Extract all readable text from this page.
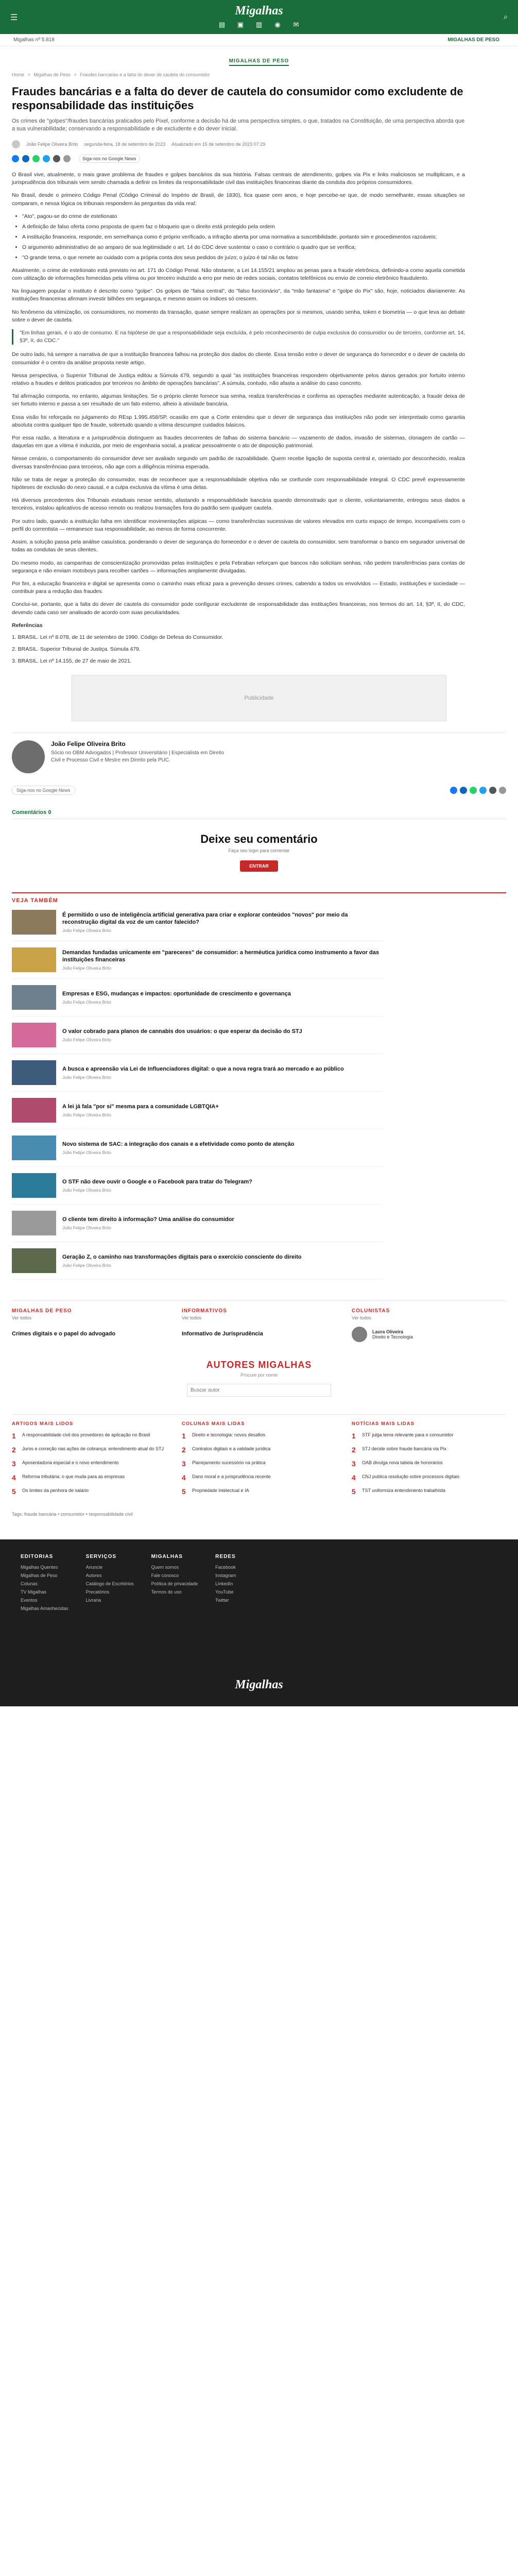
☰
Migalhas
▤ ▣ ▥ ◉ ✉
⌕
Migalhas nº 5.818	MIGALHAS DE PESO
MIGALHAS DE PESO
Home > Migalhas de Peso > Fraudes bancárias e a falta do dever de cautela do consumidor
Fraudes bancárias e a falta do dever de cautela do consumidor como excludente de responsabilidade das instituições

Os crimes de "golpes"/fraudes bancárias praticados pelo Pixel, conforme a decisão há de uma perspectiva simples, o que, tratados na Constituição, de uma perspectiva aborda que a sua vulnerabilidade; conservando a responsabilidade e de excludente e do dever inicial.

João Felipe Oliveira Brito segunda-feira, 18 de setembro de 2023 Atualizado em 15 de setembro de 2023 07:29
Siga-nos no Google News

O Brasil vive, atualmente, o mais grave problema de fraudes e golpes bancários da sua história. Falsas centrais de atendimento, golpes via Pix e links maliciosos se multiplicam, e a jurisprudência dos tribunais vem sendo chamada a definir os limites da responsabilidade civil das instituições financeiras diante da conduta dos próprios consumidores.

No Brasil, desde o primeiro Código Penal (Código Criminal do Império de Brasil, de 1830), fica quase cem anos, e hoje percebe-se que, de modo semelhante, essas situações se comparam, e nessa lógica os tribunais respondem às perguntas da vida real:

• "Ato", pagou-se do crime de estelionato
• A definição de falso oferta como proposta de quem faz o bloqueio que o direito está protegido pela ordem
• A instituição financeira, responde, em semelhança como é próprio verificado, a infração aberta por uma normativa a suscetibilidade, portanto sim e procedimentos razoáveis;
• O argumento administrativo de ao amparo de sua legitimidade o art. 14 do CDC deve sustentar o caso o contrário o quadro que se verifica;
• "O grande tema, o que remete ao cuidado com a própria conta dos seus pedidos de juízo; o juízo é tal não os fatos

Atualmente, o crime de estelionato está previsto no art. 171 do Código Penal. Não obstante, a Lei 14.155/21 ampliou as penas para a fraude eletrônica, definindo-a como aquela cometida com utilização de informações fornecidas pela vítima ou por terceiro induzido a erro por meio de redes sociais, contatos telefônicos ou envio de correio eletrônico fraudulento.

Na linguagem popular o instituto é descrito como "golpe". Os golpes de "falsa central", do "falso funcionário", da "mão fantasma" e "golpe do Pix" são, hoje, noticiados diariamente. As instituições financeiras afirmam investir bilhões em segurança, e mesmo assim os índices só crescem.

No fenômeno da vitimização, os consumidores, no momento da transação, quase sempre realizam as operações por si mesmos, usando senha, token e biometria — o que leva ao debate sobre o dever de cautela.

"Em linhas gerais, é o ato de consumo. E na hipótese de que a responsabilidade seja excluída, é pelo reconhecimento de culpa exclusiva do consumidor ou de terceiro, conforme art. 14, §3º, II, do CDC."

De outro lado, há sempre a narrativa de que a instituição financeira falhou na proteção dos dados do cliente. Essa tensão entre o dever de segurança do fornecedor e o dever de cautela do consumidor é o centro da análise proposta neste artigo.

Nessa perspectiva, o Superior Tribunal de Justiça editou a Súmula 479, segundo a qual "as instituições financeiras respondem objetivamente pelos danos gerados por fortuito interno relativo a fraudes e delitos praticados por terceiros no âmbito de operações bancárias". A súmula, contudo, não afasta a análise do caso concreto.

Tal afirmação comporta, no entanto, algumas limitações. Se o próprio cliente fornece sua senha, realiza transferências e confirma as operações mediante autenticação, a fraude deixa de ser fortuito interno e passa a ser resultado de um fato externo, alheio à atividade bancária.

Essa visão foi reforçada no julgamento do REsp 1.995.458/SP, ocasião em que a Corte entendeu que o dever de segurança das instituições não pode ser interpretado como garantia absoluta contra qualquer tipo de fraude, sobretudo quando a vítima descumpre cuidados básicos.

Por essa razão, a literatura e a jurisprudência distinguem as fraudes decorrentes de falhas do sistema bancário — vazamento de dados, invasão de sistemas, clonagem de cartão — daquelas em que a vítima é induzida, por meio de engenharia social, a praticar pessoalmente o ato de disposição patrimonial.

Nesse cenário, o comportamento do consumidor deve ser avaliado segundo um padrão de razoabilidade. Quem recebe ligação de suposta central e, orientado por desconhecido, realiza diversas transferências para terceiros, não age com a diligência mínima esperada.

Não se trata de negar a proteção do consumidor, mas de reconhecer que a responsabilidade objetiva não se confunde com responsabilidade integral. O CDC prevê expressamente hipóteses de exclusão do nexo causal, e a culpa exclusiva da vítima é uma delas.

Há diversos precedentes dos Tribunais estaduais nesse sentido, afastando a responsabilidade bancária quando demonstrado que o cliente, voluntariamente, entregou seus dados a terceiros, instalou aplicativos de acesso remoto ou realizou transações fora do padrão sem qualquer cautela.

Por outro lado, quando a instituição falha em identificar movimentações atípicas — como transferências sucessivas de valores elevados em curto espaço de tempo, incompatíveis com o perfil do correntista — remanesce sua responsabilidade, ao menos de forma concorrente.

Assim, a solução passa pela análise casuística, ponderando o dever de segurança do fornecedor e o dever de cautela do consumidor, sem transformar o banco em segurador universal de todas as condutas de seus clientes.

Do mesmo modo, as campanhas de conscientização promovidas pelas instituições e pela Febraban reforçam que bancos não solicitam senhas, não pedem transferências para contas de segurança e não enviam motoboys para recolher cartões — informações amplamente divulgadas.

Por fim, a educação financeira e digital se apresenta como o caminho mais eficaz para a prevenção desses crimes, cabendo a todos os envolvidos — Estado, instituições e sociedade — contribuir para a redução das fraudes.

Conclui-se, portanto, que a falta do dever de cautela do consumidor pode configurar excludente de responsabilidade das instituições financeiras, nos termos do art. 14, §3º, II, do CDC, devendo cada caso ser analisado de acordo com suas peculiaridades.

Referências

1. BRASIL. Lei nº 8.078, de 11 de setembro de 1990. Código de Defesa do Consumidor.

2. BRASIL. Superior Tribunal de Justiça. Súmula 479.

3. BRASIL. Lei nº 14.155, de 27 de maio de 2021.

Publicidade
João Felipe Oliveira Brito
Sócio no OBM Advogados | Professor Universitário | Especialista em Direito Civil e Processo Civil e Mestre em Direito pela PUC.
Siga-nos no Google News
Comentários 0
Deixe seu comentário
Faça seu login para comentar
ENTRAR
VEJA TAMBÉM
É permitido o uso de inteligência artificial generativa para criar e explorar conteúdos "novos" por meio da reconstrução digital da voz de um cantor falecido?
João Felipe Oliveira Brito
Demandas fundadas unicamente em "pareceres" de consumidor: a herméutica jurídica como instrumento a favor das instituições financeiras
João Felipe Oliveira Brito
Empresas e ESG, mudanças e impactos: oportunidade de crescimento e governança
João Felipe Oliveira Brito
O valor cobrado para planos de cannabis dos usuários: o que esperar da decisão do STJ
João Felipe Oliveira Brito
A busca e apreensão via Lei de Influenciadores digital: o que a nova regra trará ao mercado e ao público
João Felipe Oliveira Brito
A lei já fala "por si" mesma para a comunidade LGBTQIA+
João Felipe Oliveira Brito
Novo sistema de SAC: a integração dos canais e a efetividade como ponto de atenção
João Felipe Oliveira Brito
O STF não deve ouvir o Google e o Facebook para tratar do Telegram?
João Felipe Oliveira Brito
O cliente tem direito à informação? Uma análise do consumidor
João Felipe Oliveira Brito
Geração Z, o caminho nas transformações digitais para o exercício consciente do direito
João Felipe Oliveira Brito
MIGALHAS DE PESO
Ver todos
Crimes digitais e o papel do advogado
INFORMATIVOS
Ver todos
Informativo de Jurisprudência
COLUNISTAS
Ver todos
Laura Oliveira
Direito e Tecnologia
AUTORES MIGALHAS
Procure por nome
Buscar autor
ARTIGOS MAIS LIDOS
1	A responsabilidade civil dos provedores de aplicação no Brasil
2	Juros e correção nas ações de cobrança: entendimento atual do STJ
3	Aposentadoria especial e o novo entendimento
4	Reforma tributária: o que muda para as empresas
5	Os limites da penhora de salário
COLUNAS MAIS LIDAS
1	Direito e tecnologia: novos desafios
2	Contratos digitais e a validade jurídica
3	Planejamento sucessório na prática
4	Dano moral e a jurisprudência recente
5	Propriedade intelectual e IA
NOTÍCIAS MAIS LIDAS
1	STF julga tema relevante para o consumidor
2	STJ decide sobre fraude bancária via Pix
3	OAB divulga nova tabela de honorários
4	CNJ publica resolução sobre processos digitais
5	TST uniformiza entendimento trabalhista
Tags: fraude bancária • consumidor • responsabilidade civil
EDITORIAS
Migalhas Quentes
Migalhas de Peso
Colunas
TV Migalhas
Eventos
Migalhas Amanhecidas
SERVIÇOS
Anuncie
Autores
Catálogo de Escritórios
Precatórios
Livraria
MIGALHAS
Quem somos
Fale conosco
Política de privacidade
Termos de uso
REDES
Facebook
Instagram
LinkedIn
YouTube
Twitter
Migalhas
